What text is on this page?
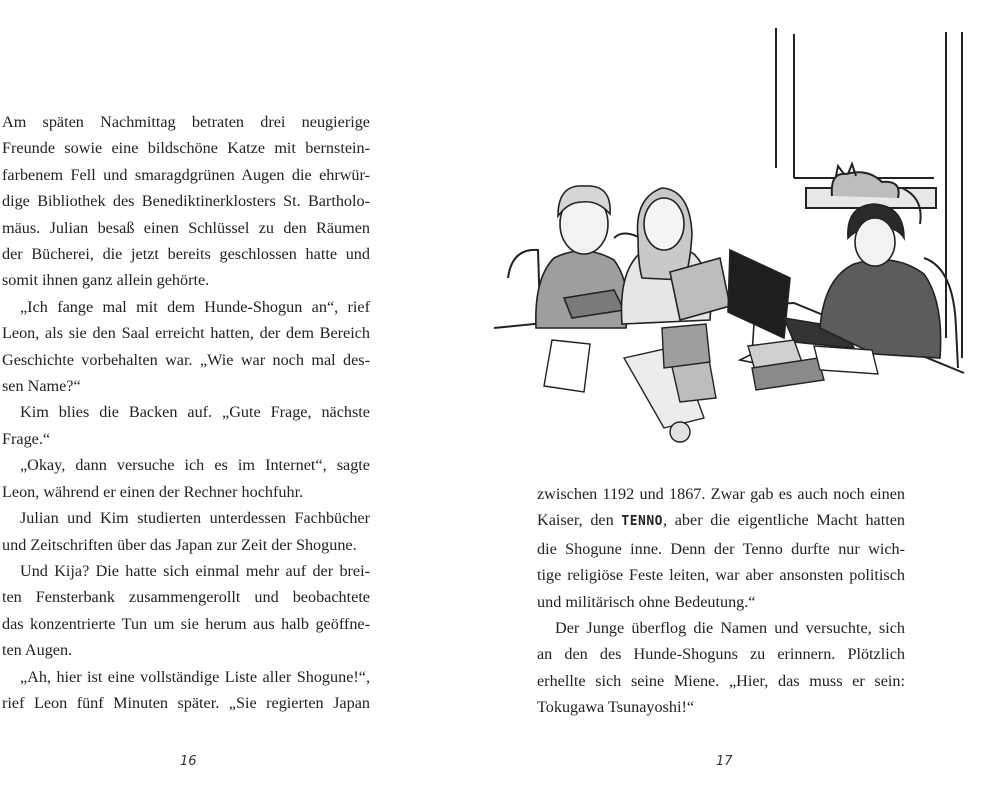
Am späten Nachmittag betraten drei neugierige
Freunde sowie eine bildschöne Katze mit bernstein-
farbenem Fell und smaragdgrünen Augen die ehrwür-
dige Bibliothek des Benediktinerklosters St. Bartholo-
mäus. Julian besaß einen Schlüssel zu den Räumen
der Bücherei, die jetzt bereits geschlossen hatte und
somit ihnen ganz allein gehörte.
„Ich fange mal mit dem Hunde-Shogun an“, rief
Leon, als sie den Saal erreicht hatten, der dem Bereich
Geschichte vorbehalten war. „Wie war noch mal des-
sen Name?“
Kim blies die Backen auf. „Gute Frage, nächste
Frage.“
„Okay, dann versuche ich es im Internet“, sagte
Leon, während er einen der Rechner hochfuhr.
Julian und Kim studierten unterdessen Fachbücher
und Zeitschriften über das Japan zur Zeit der Shogune.
Und Kija? Die hatte sich einmal mehr auf der brei-
ten Fensterbank zusammengerollt und beobachtete
das konzentrierte Tun um sie herum aus halb geöffne-
ten Augen.
„Ah, hier ist eine vollständige Liste aller Shogune!“,
rief Leon fünf Minuten später. „Sie regierten Japan
16
zwischen 1192 und 1867. Zwar gab es auch noch einen
Kaiser, den TENNO, aber die eigentliche Macht hatten
die Shogune inne. Denn der Tenno durfte nur wich-
tige religiöse Feste leiten, war aber ansonsten politisch
und militärisch ohne Bedeutung.“
Der Junge überflog die Namen und versuchte, sich
an den des Hunde-Shoguns zu erinnern. Plötzlich
erhellte sich seine Miene. „Hier, das muss er sein:
Tokugawa Tsunayoshi!“
17
